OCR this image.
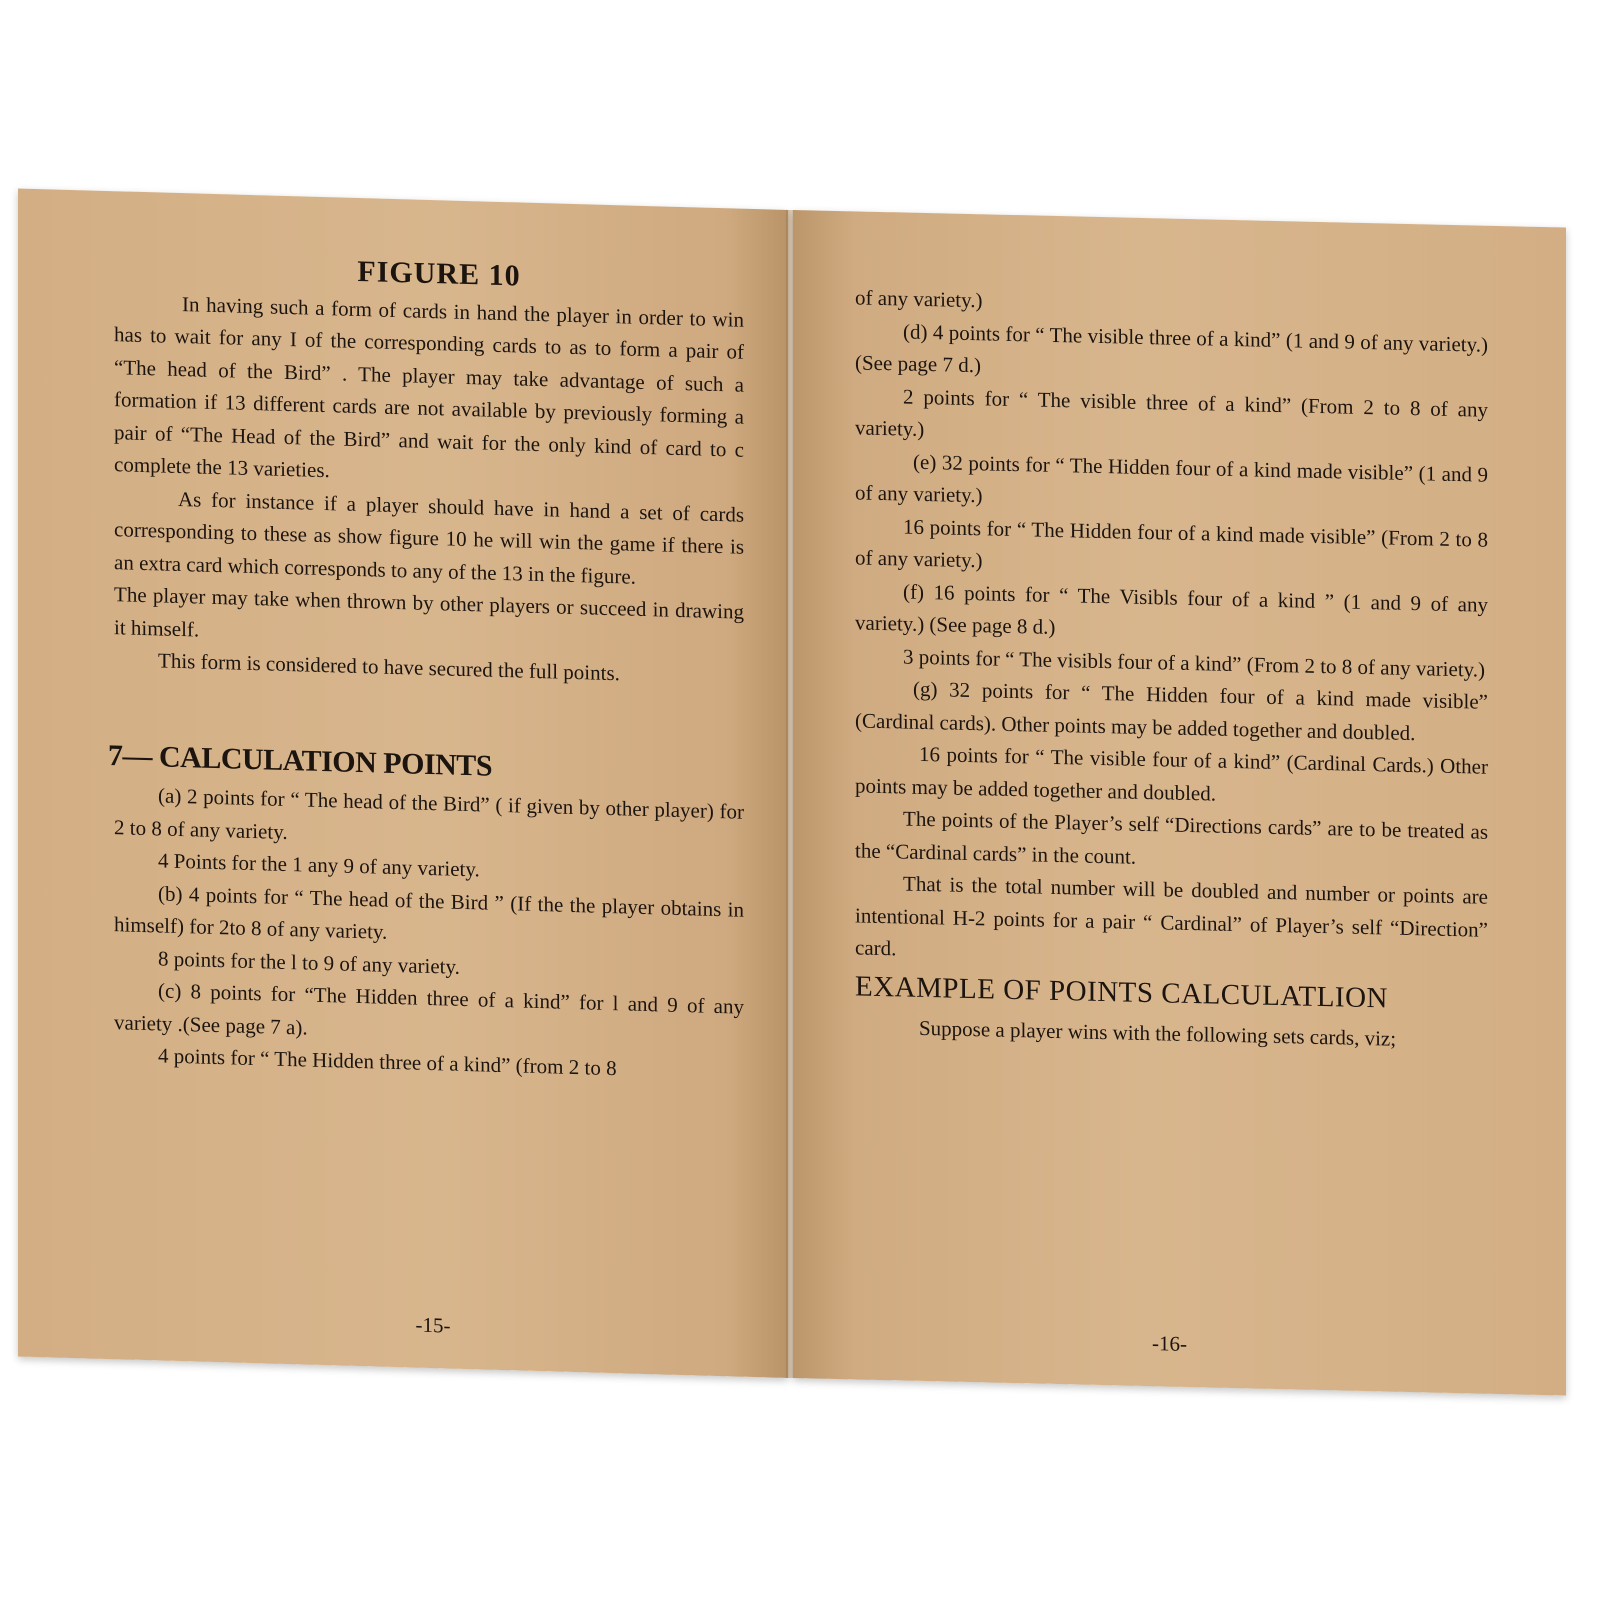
FIGURE 10

In having such a form of cards in hand the player in order to win has to wait for any I of the corresponding cards to as to form a pair of “The head of the Bird” . The player may take advantage of such a formation if 13 different cards are not available by previously forming a pair of “The Head of the Bird” and wait for the only kind of card to c complete the 13 varieties.

As for instance if a player should have in hand a set of cards corresponding to these as show figure 10 he will win the game if there is an extra card which corresponds to any of the 13 in the figure.

The player may take when thrown by other players or succeed in drawing it himself.

This form is considered to have secured the full points.

7— CALCULATION POINTS

(a) 2 points for “ The head of the Bird” ( if given by other player) for 2 to 8 of any variety.

4 Points for the 1 any 9 of any variety.

(b) 4 points for “ The head of the Bird ” (If the the player obtains in himself) for 2to 8 of any variety.

8 points for the l to 9 of any variety.

(c) 8 points for “The Hidden three of a kind” for l and 9 of any variety .(See page 7 a).

4 points for “ The Hidden three of a kind” (from 2 to 8

-15-

of any variety.)

(d) 4 points for “ The visible three of a kind” (1 and 9 of any variety.) (See page 7 d.)

2 points for “ The visible three of a kind” (From 2 to 8 of any variety.)

(e) 32 points for “ The Hidden four of a kind made visible” (1 and 9 of any variety.)

16 points for “ The Hidden four of a kind made visible” (From 2 to 8 of any variety.)

(f) 16 points for “ The Visibls four of a kind ” (1 and 9 of any variety.) (See page 8 d.)

3 points for “ The visibls four of a kind” (From 2 to 8 of any variety.)

(g) 32 points for “ The Hidden four of a kind made visible” (Cardinal cards). Other points may be added together and doubled.

16 points for “ The visible four of a kind” (Cardinal Cards.) Other points may be added together and doubled.

The points of the Player’s self “Directions cards” are to be treated as the “Cardinal cards” in the count.

That is the total number will be doubled and number or points are intentional H-2 points for a pair “ Cardinal” of Player’s self “Direction” card.

EXAMPLE OF POINTS CALCULATLION

Suppose a player wins with the following sets cards, viz;

-16-
